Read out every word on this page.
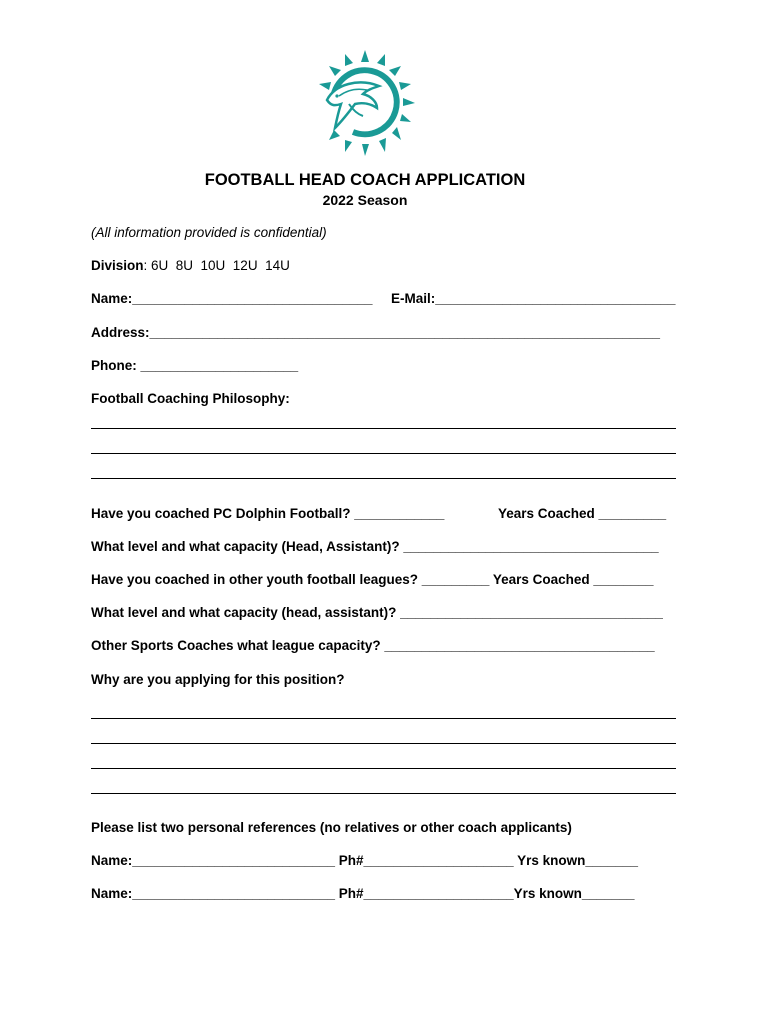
FOOTBALL HEAD COACH APPLICATION
2022 Season
(All information provided is confidential)
Division: 6U  8U  10U  12U  14U
Name:________________________________ E-Mail:________________________________
Address:____________________________________________________________________
Phone: _____________________
Football Coaching Philosophy:
Have you coached PC Dolphin Football? ____________	Years Coached _________
What level and what capacity (Head, Assistant)? __________________________________
Have you coached in other youth football leagues? _________ Years Coached ________
What level and what capacity (head, assistant)? ___________________________________
Other Sports Coaches what league capacity? ____________________________________
Why are you applying for this position?
Please list two personal references (no relatives or other coach applicants)
Name:___________________________ Ph#____________________ Yrs known_______
Name:___________________________ Ph#____________________Yrs known_______
